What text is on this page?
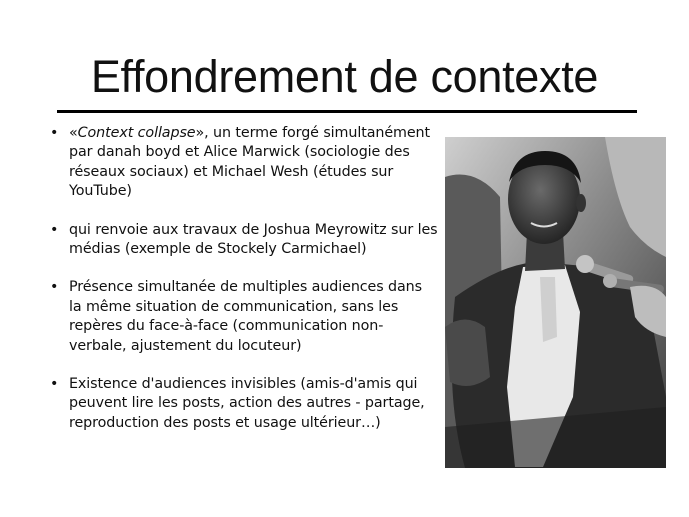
Effondrement de contexte
• «Context collapse», un terme forgé simultanément par danah boyd et Alice Marwick (sociologie des réseaux sociaux) et Michael Wesh (études sur YouTube)
• qui renvoie aux travaux de Joshua Meyrowitz sur les médias (exemple de Stockely Carmichael)
• Présence simultanée de multiples audiences dans la même situation de communication, sans les repères du face-à-face (communication non-verbale, ajustement du locuteur)
• Existence d'audiences invisibles (amis-d'amis qui peuvent lire les posts, action des autres - partage, reproduction des posts et usage ultérieur…)
